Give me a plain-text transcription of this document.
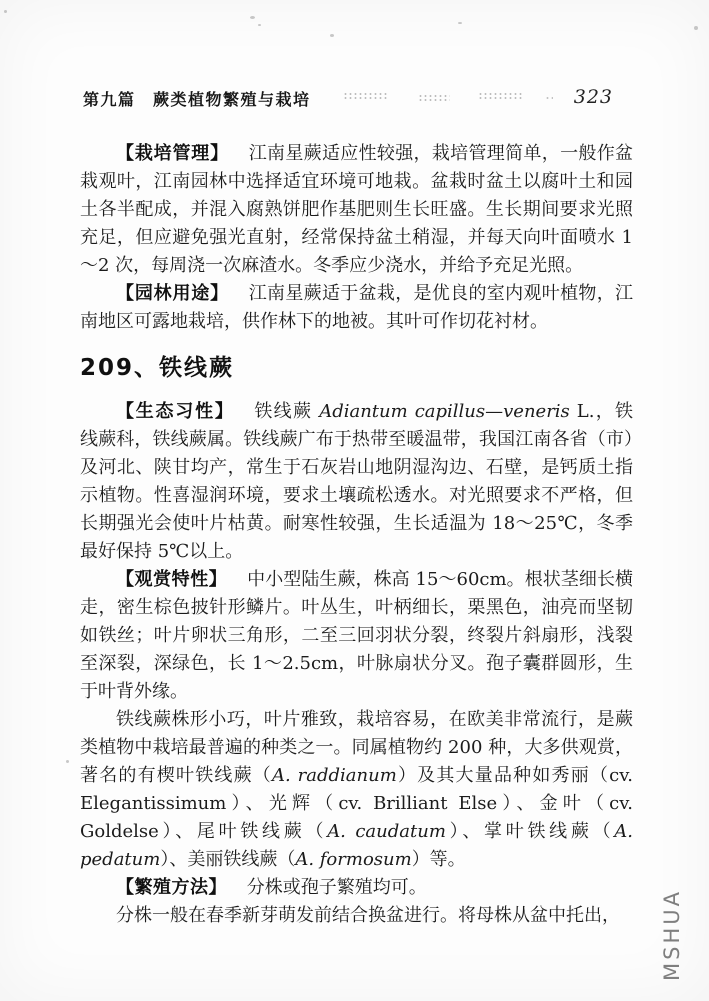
第九篇　蕨类植物繁殖与栽培	323

【栽培管理】 江南星蕨适应性较强，栽培管理简单，一般作盆栽观叶，江南园林中选择适宜环境可地栽。盆栽时盆土以腐叶土和园土各半配成，并混入腐熟饼肥作基肥则生长旺盛。生长期间要求光照充足，但应避免强光直射，经常保持盆土稍湿，并每天向叶面喷水 1～2 次，每周浇一次麻渣水。冬季应少浇水，并给予充足光照。

【园林用途】 江南星蕨适于盆栽，是优良的室内观叶植物，江南地区可露地栽培，供作林下的地被。其叶可作切花衬材。

209、铁线蕨

【生态习性】 铁线蕨 Adiantum capillus—veneris L.，铁线蕨科，铁线蕨属。铁线蕨广布于热带至暖温带，我国江南各省（市）及河北、陕甘均产，常生于石灰岩山地阴湿沟边、石壁，是钙质土指示植物。性喜湿润环境，要求土壤疏松透水。对光照要求不严格，但长期强光会使叶片枯黄。耐寒性较强，生长适温为 18～25℃，冬季最好保持 5℃以上。

【观赏特性】 中小型陆生蕨，株高 15～60cm。根状茎细长横走，密生棕色披针形鳞片。叶丛生，叶柄细长，栗黑色，油亮而坚韧如铁丝；叶片卵状三角形，二至三回羽状分裂，终裂片斜扇形，浅裂至深裂，深绿色，长 1～2.5cm，叶脉扇状分叉。孢子囊群圆形，生于叶背外缘。

铁线蕨株形小巧，叶片雅致，栽培容易，在欧美非常流行，是蕨类植物中栽培最普遍的种类之一。同属植物约 200 种，大多供观赏，著名的有楔叶铁线蕨（A. raddianum）及其大量品种如秀丽（cv. Elegantissimum）、光辉（cv. Brilliant Else）、金叶（cv. Goldelse）、尾叶铁线蕨（A. caudatum）、掌叶铁线蕨（A. pedatum）、美丽铁线蕨（A. formosum）等。

【繁殖方法】 分株或孢子繁殖均可。

分株一般在春季新芽萌发前结合换盆进行。将母株从盆中托出，	MSHUA
